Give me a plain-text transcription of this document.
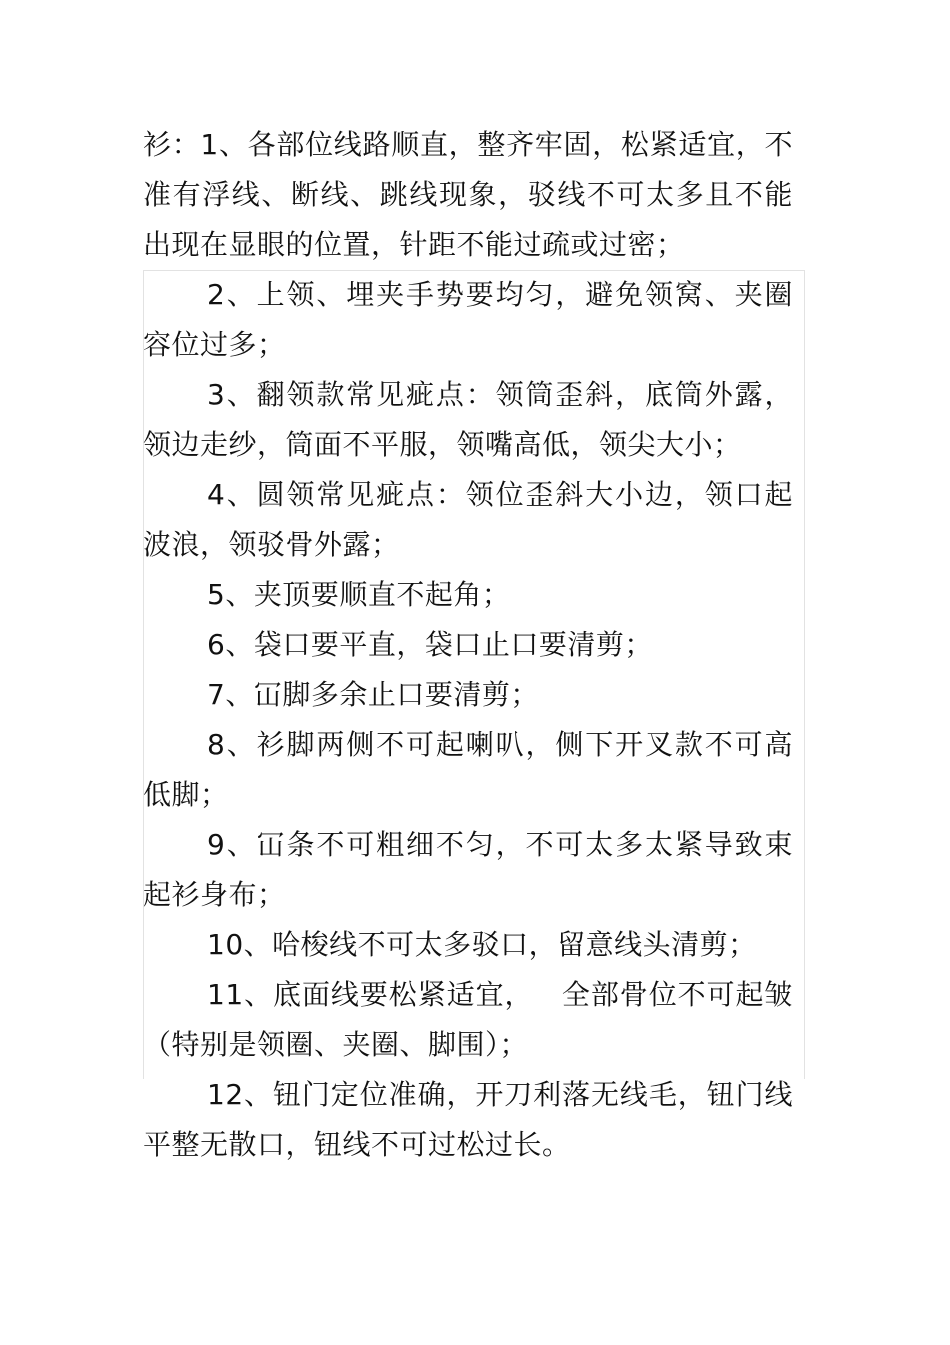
衫：1、各部位线路顺直，整齐牢固，松紧适宜，不准有浮线、断线、跳线现象，驳线不可太多且不能出现在显眼的位置，针距不能过疏或过密；

2、上领、埋夹手势要均匀，避免领窝、夹圈容位过多；

3、翻领款常见疵点：领筒歪斜，底筒外露，领边走纱，筒面不平服，领嘴高低，领尖大小；

4、圆领常见疵点：领位歪斜大小边，领口起波浪，领驳骨外露；

5、夹顶要顺直不起角；

6、袋口要平直，袋口止口要清剪；

7、冚脚多余止口要清剪；

8、衫脚两侧不可起喇叭，侧下开叉款不可高低脚；

9、冚条不可粗细不匀，不可太多太紧导致束起衫身布；

10、哈梭线不可太多驳口，留意线头清剪；

11、底面线要松紧适宜， 全部骨位不可起皱（特别是领圈、夹圈、脚围）；

12、钮门定位准确，开刀利落无线毛，钮门线平整无散口，钮线不可过松过长。
